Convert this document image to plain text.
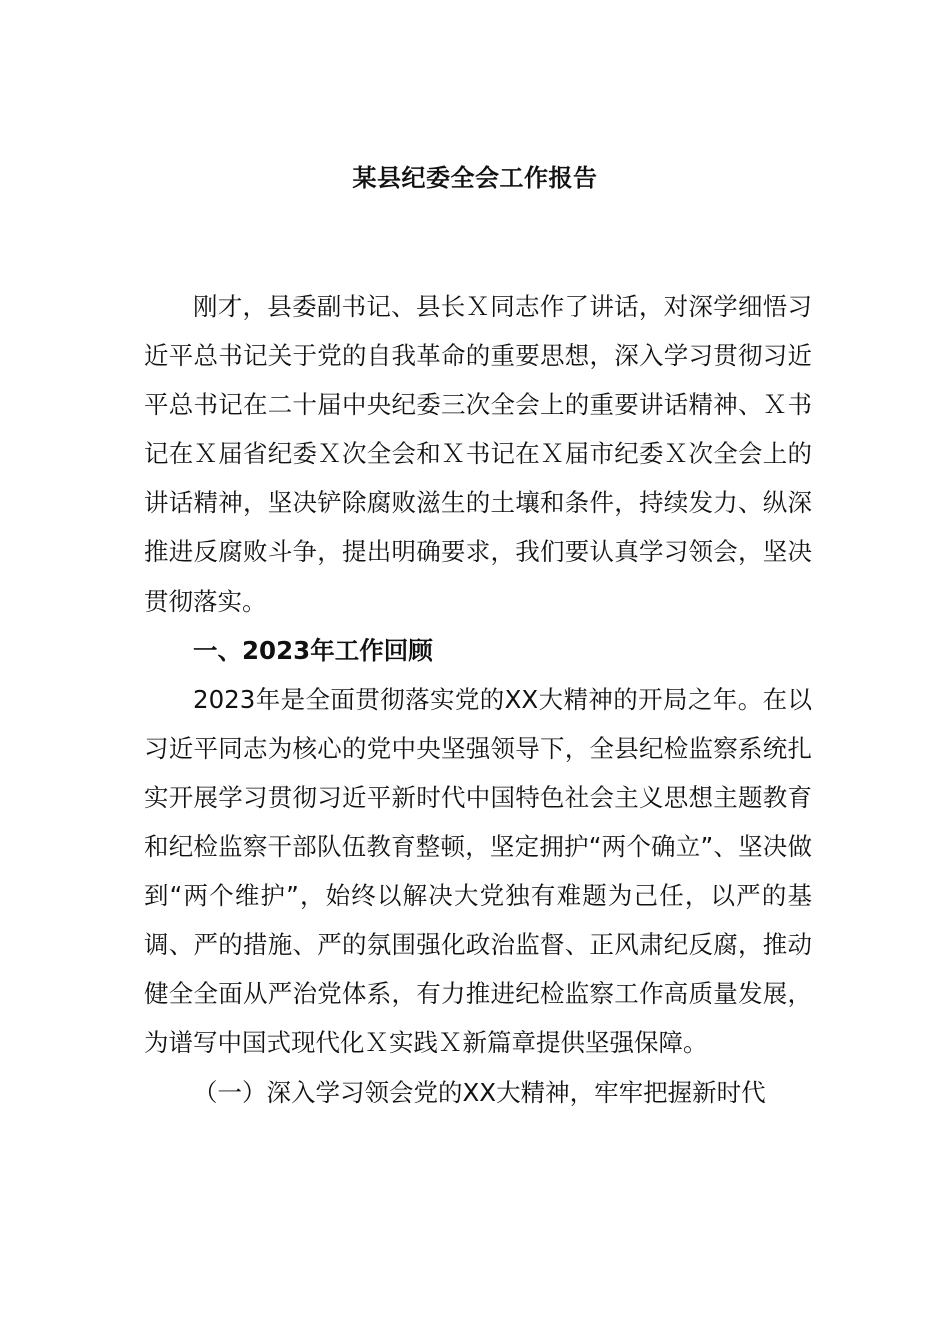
某县纪委全会工作报告

刚才，县委副书记、县长Ｘ同志作了讲话，对深学细悟习近平总书记关于党的自我革命的重要思想，深入学习贯彻习近平总书记在二十届中央纪委三次全会上的重要讲话精神、Ｘ书记在Ｘ届省纪委Ｘ次全会和Ｘ书记在Ｘ届市纪委Ｘ次全会上的讲话精神，坚决铲除腐败滋生的土壤和条件，持续发力、纵深推进反腐败斗争，提出明确要求，我们要认真学习领会，坚决贯彻落实。

一、2023年工作回顾

2023年是全面贯彻落实党的XX大精神的开局之年。在以习近平同志为核心的党中央坚强领导下，全县纪检监察系统扎实开展学习贯彻习近平新时代中国特色社会主义思想主题教育和纪检监察干部队伍教育整顿，坚定拥护“两个确立”、坚决做到“两个维护”，始终以解决大党独有难题为己任，以严的基调、严的措施、严的氛围强化政治监督、正风肃纪反腐，推动健全全面从严治党体系，有力推进纪检监察工作高质量发展，为谱写中国式现代化Ｘ实践Ｘ新篇章提供坚强保障。

（一）深入学习领会党的XX大精神，牢牢把握新时代
